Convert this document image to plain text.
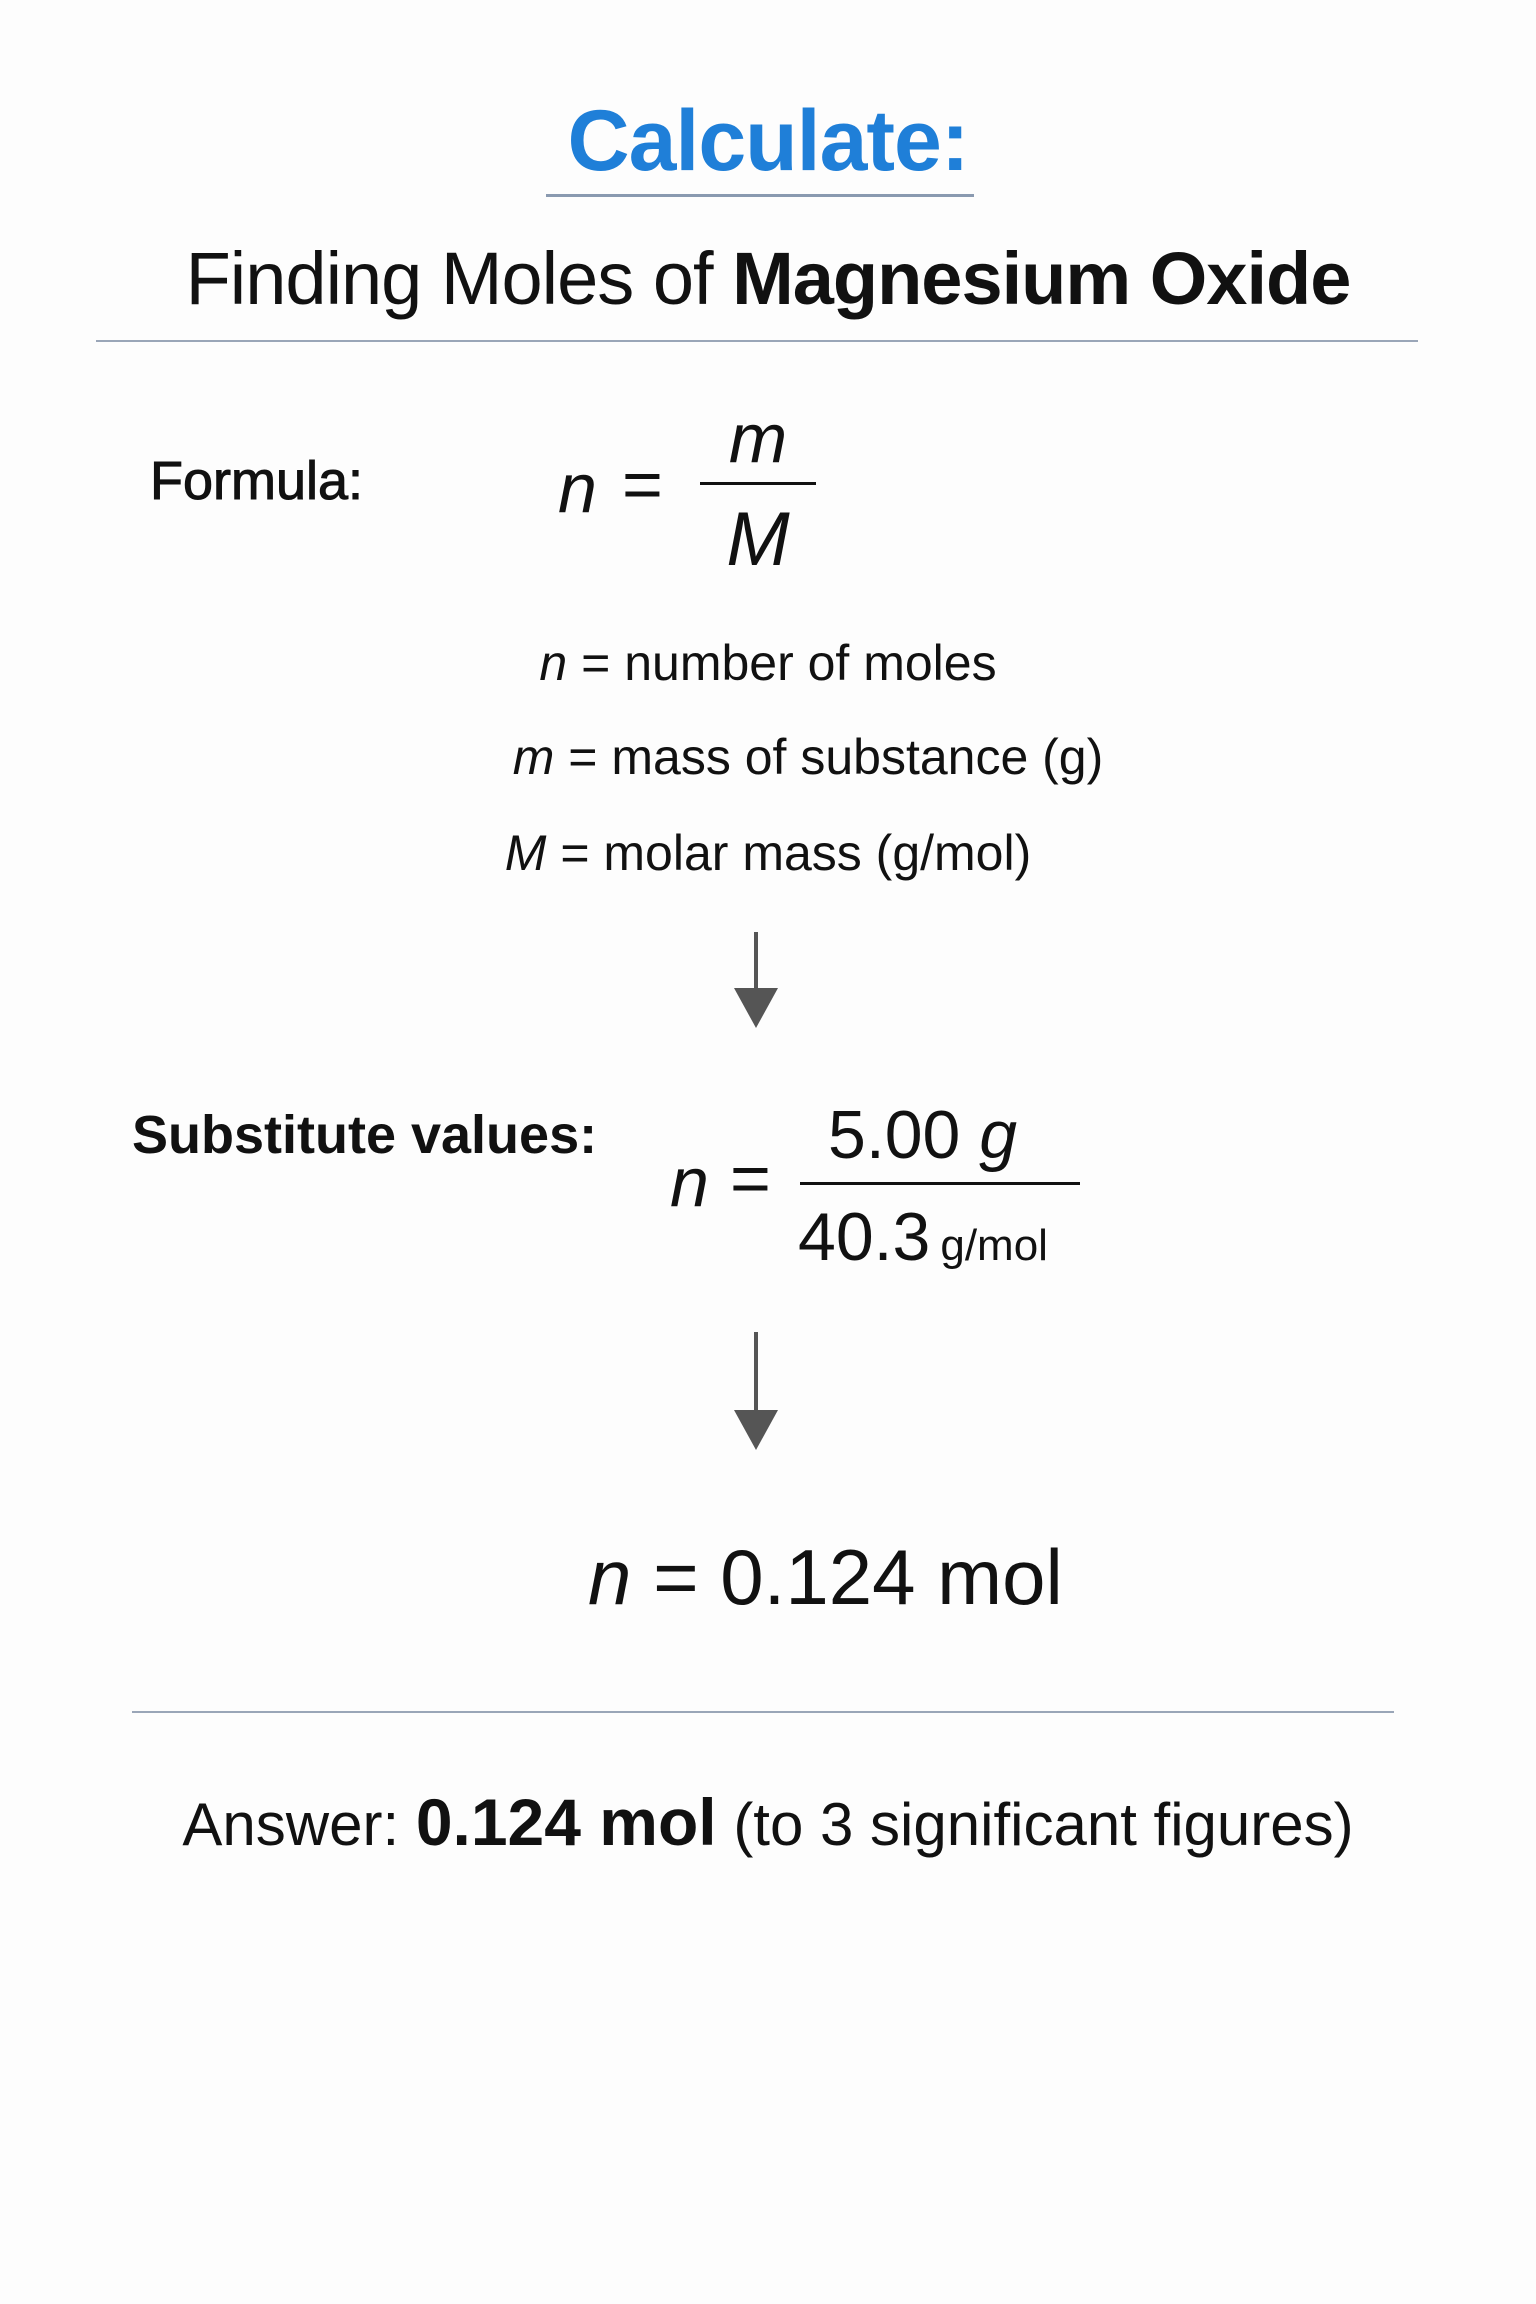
Calculate:
Finding Moles of Magnesium Oxide
Formula:	n =
m
M
n = number of moles
m = mass of substance (g)
M = molar mass (g/mol)
Substitute values:
n =
5.00 g
40.3 g/mol
n = 0.124 mol
Answer: 0.124 mol (to 3 significant figures)
